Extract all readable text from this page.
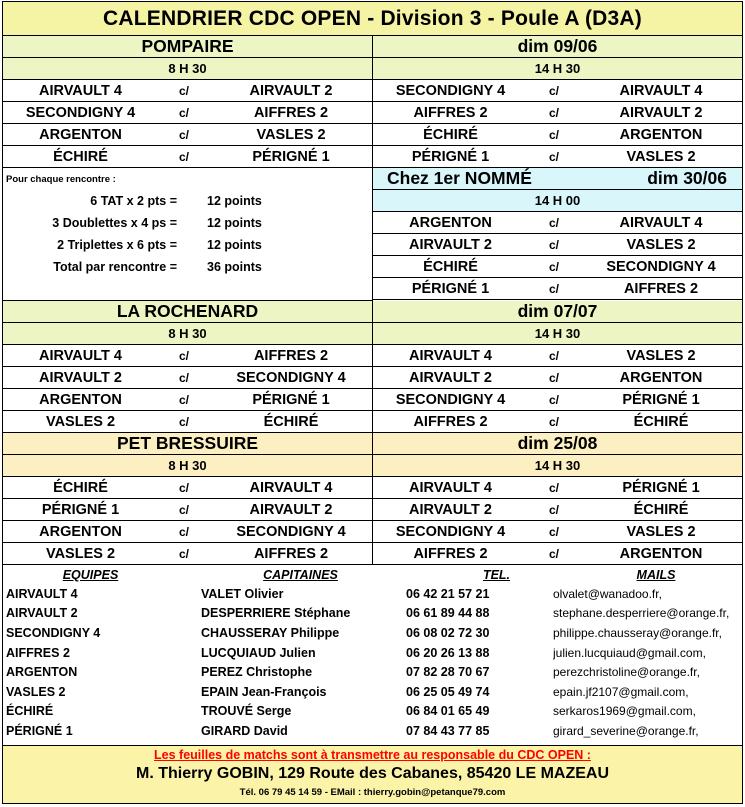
CALENDRIER CDC OPEN - Division 3 - Poule A (D3A)
POMPAIRE
8 H 30
AIRVAULT 4	c/	AIRVAULT 2
SECONDIGNY 4	c/	AIFFRES 2
ARGENTON	c/	VASLES 2
ÉCHIRÉ	c/	PÉRIGNÉ 1
dim 09/06
14 H 30
SECONDIGNY 4	c/	AIRVAULT 4
AIFFRES 2	c/	AIRVAULT 2
ÉCHIRÉ	c/	ARGENTON
PÉRIGNÉ 1	c/	VASLES 2
Pour chaque rencontre :
6 TAT x 2 pts =	12 points
3 Doublettes x 4 ps =	12 points
2 Triplettes x 6 pts =	12 points
Total par rencontre =	36 points
Chez 1er NOMMÉ	dim 30/06
14 H 00
ARGENTON	c/	AIRVAULT 4
AIRVAULT 2	c/	VASLES 2
ÉCHIRÉ	c/	SECONDIGNY 4
PÉRIGNÉ 1	c/	AIFFRES 2
LA ROCHENARD
8 H 30
AIRVAULT 4	c/	AIFFRES 2
AIRVAULT 2	c/	SECONDIGNY 4
ARGENTON	c/	PÉRIGNÉ 1
VASLES 2	c/	ÉCHIRÉ
dim 07/07
14 H 30
AIRVAULT 4	c/	VASLES 2
AIRVAULT 2	c/	ARGENTON
SECONDIGNY 4	c/	PÉRIGNÉ 1
AIFFRES 2	c/	ÉCHIRÉ
PET BRESSUIRE
8 H 30
ÉCHIRÉ	c/	AIRVAULT 4
PÉRIGNÉ 1	c/	AIRVAULT 2
ARGENTON	c/	SECONDIGNY 4
VASLES 2	c/	AIFFRES 2
dim 25/08
14 H 30
AIRVAULT 4	c/	PÉRIGNÉ 1
AIRVAULT 2	c/	ÉCHIRÉ
SECONDIGNY 4	c/	VASLES 2
AIFFRES 2	c/	ARGENTON
EQUIPES	CAPITAINES	TEL.	MAILS
AIRVAULT 4	VALET Olivier	06 42 21 57 21	olvalet@wanadoo.fr,
AIRVAULT 2	DESPERRIERE Stéphane	06 61 89 44 88	stephane.desperriere@orange.fr,
SECONDIGNY 4	CHAUSSERAY Philippe	06 08 02 72 30	philippe.chausseray@orange.fr,
AIFFRES 2	LUCQUIAUD Julien	06 20 26 13 88	julien.lucquiaud@gmail.com,
ARGENTON	PEREZ Christophe	07 82 28 70 67	perezchristoline@orange.fr,
VASLES 2	EPAIN Jean-François	06 25 05 49 74	epain.jf2107@gmail.com,
ÉCHIRÉ	TROUVÉ Serge	06 84 01 65 49	serkaros1969@gmail.com,
PÉRIGNÉ 1	GIRARD David	07 84 43 77 85	girard_severine@orange.fr,
Les feuilles de matchs sont à transmettre au responsable du CDC OPEN :
M. Thierry GOBIN, 129 Route des Cabanes, 85420 LE MAZEAU
Tél. 06 79 45 14 59 - EMail : thierry.gobin@petanque79.com
